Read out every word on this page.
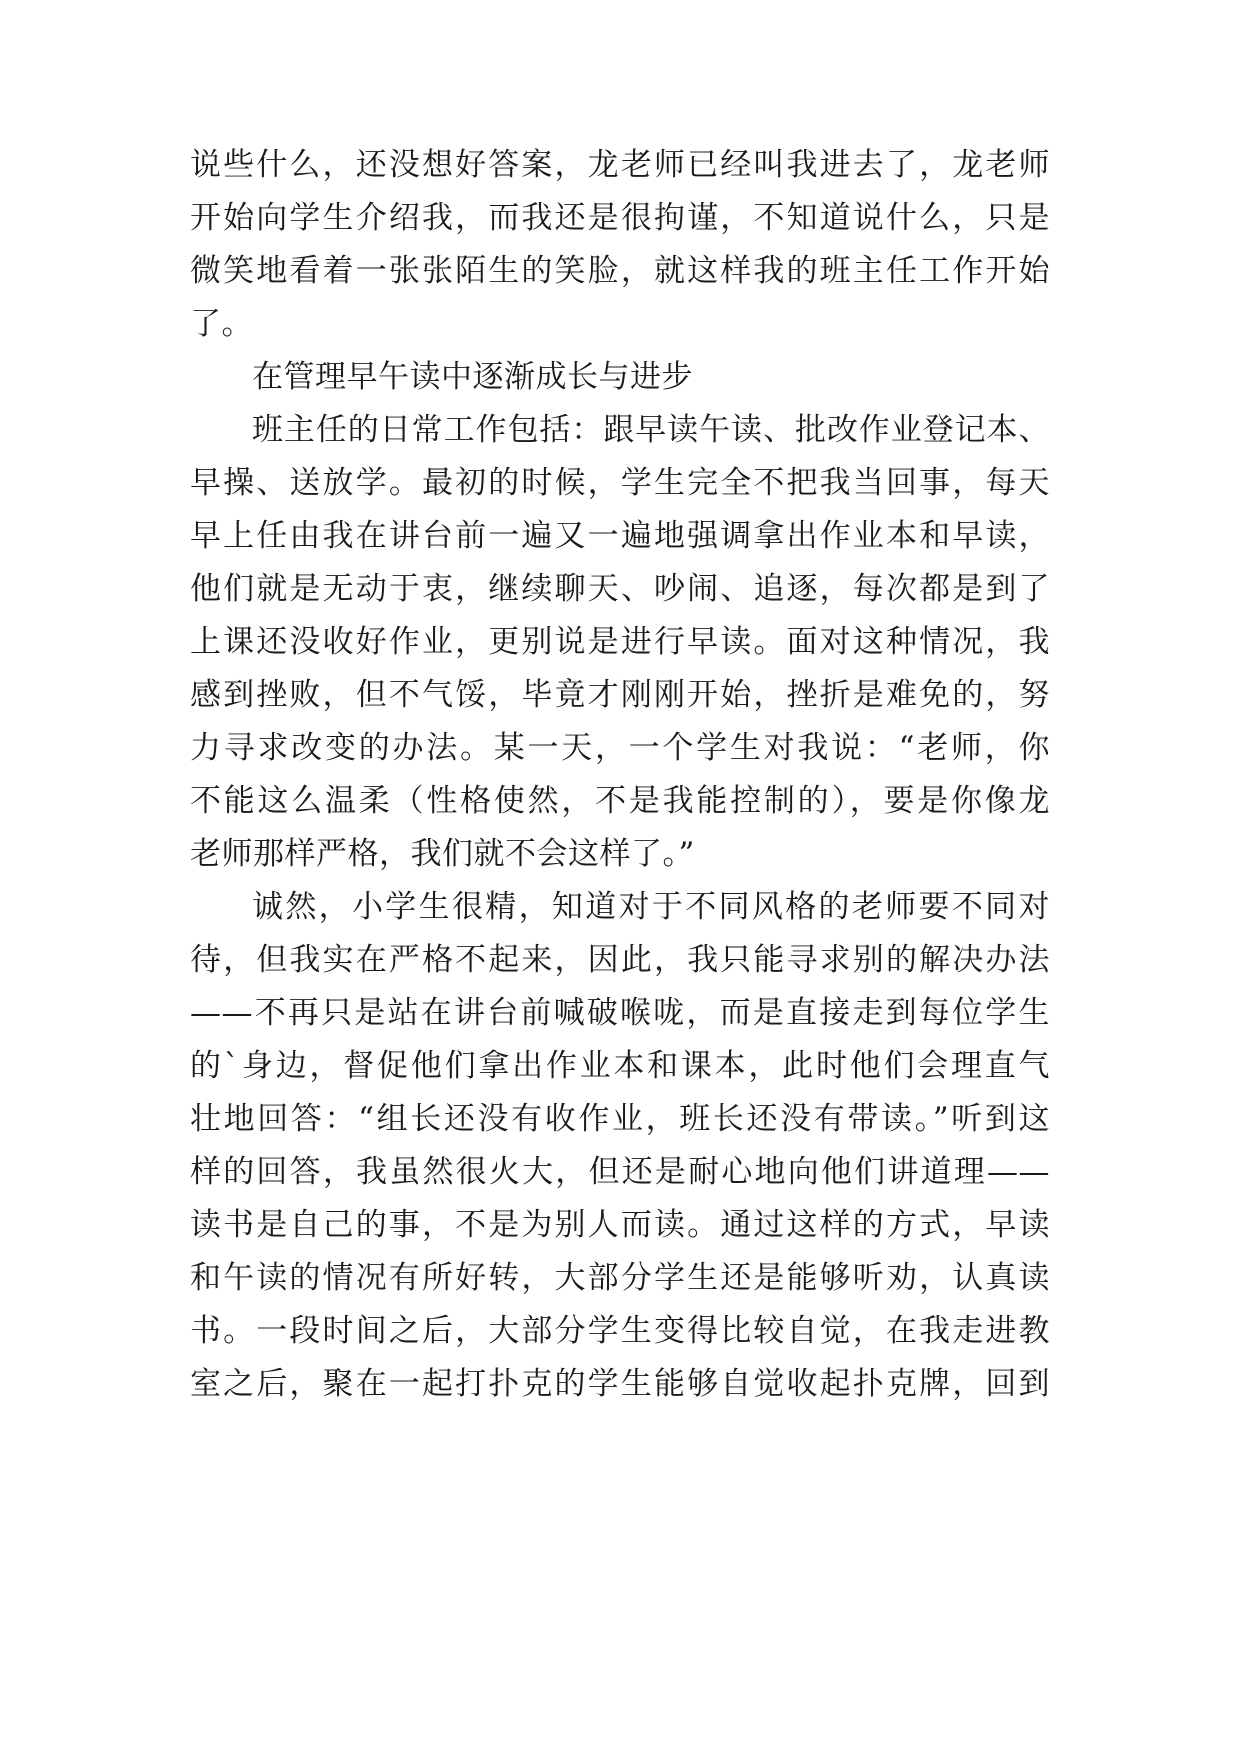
说些什么，还没想好答案，龙老师已经叫我进去了，龙老师
开始向学生介绍我，而我还是很拘谨，不知道说什么，只是
微笑地看着一张张陌生的笑脸，就这样我的班主任工作开始
了。
在管理早午读中逐渐成长与进步
班主任的日常工作包括：跟早读午读、批改作业登记本、
早操、送放学。最初的时候，学生完全不把我当回事，每天
早上任由我在讲台前一遍又一遍地强调拿出作业本和早读，
他们就是无动于衷，继续聊天、吵闹、追逐，每次都是到了
上课还没收好作业，更别说是进行早读。面对这种情况，我
感到挫败，但不气馁，毕竟才刚刚开始，挫折是难免的，努
力寻求改变的办法。某一天，一个学生对我说：“老师，你
不能这么温柔（性格使然，不是我能控制的），要是你像龙
老师那样严格，我们就不会这样了。”
诚然，小学生很精，知道对于不同风格的老师要不同对
待，但我实在严格不起来，因此，我只能寻求别的解决办法
——不再只是站在讲台前喊破喉咙，而是直接走到每位学生
的`身边，督促他们拿出作业本和课本，此时他们会理直气
壮地回答：“组长还没有收作业，班长还没有带读。”听到这
样的回答，我虽然很火大，但还是耐心地向他们讲道理——
读书是自己的事，不是为别人而读。通过这样的方式，早读
和午读的情况有所好转，大部分学生还是能够听劝，认真读
书。一段时间之后，大部分学生变得比较自觉，在我走进教
室之后，聚在一起打扑克的学生能够自觉收起扑克牌，回到
